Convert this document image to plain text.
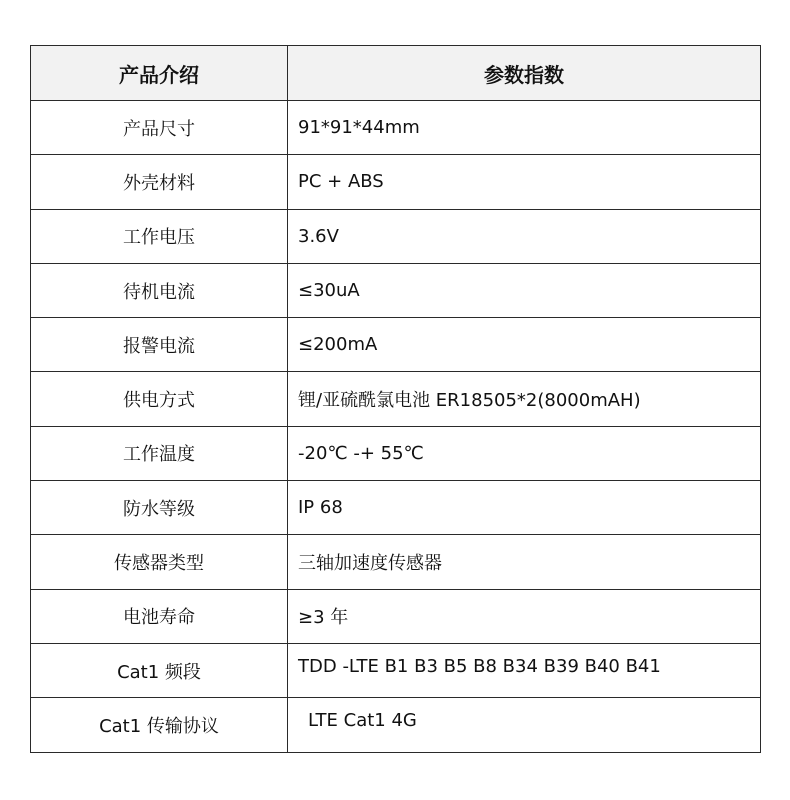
产品介绍	参数指数
产品尺寸	91*91*44mm
外壳材料	PC + ABS
工作电压	3.6V
待机电流	≤30uA
报警电流	≤200mA
供电方式	锂/亚硫酰氯电池 ER18505*2(8000mAH)
工作温度	-20℃ -+ 55℃
防水等级	IP 68
传感器类型	三轴加速度传感器
电池寿命	≥3 年
Cat1 频段	TDD -LTE B1 B3 B5 B8 B34 B39 B40 B41
Cat1 传输协议	LTE Cat1 4G
